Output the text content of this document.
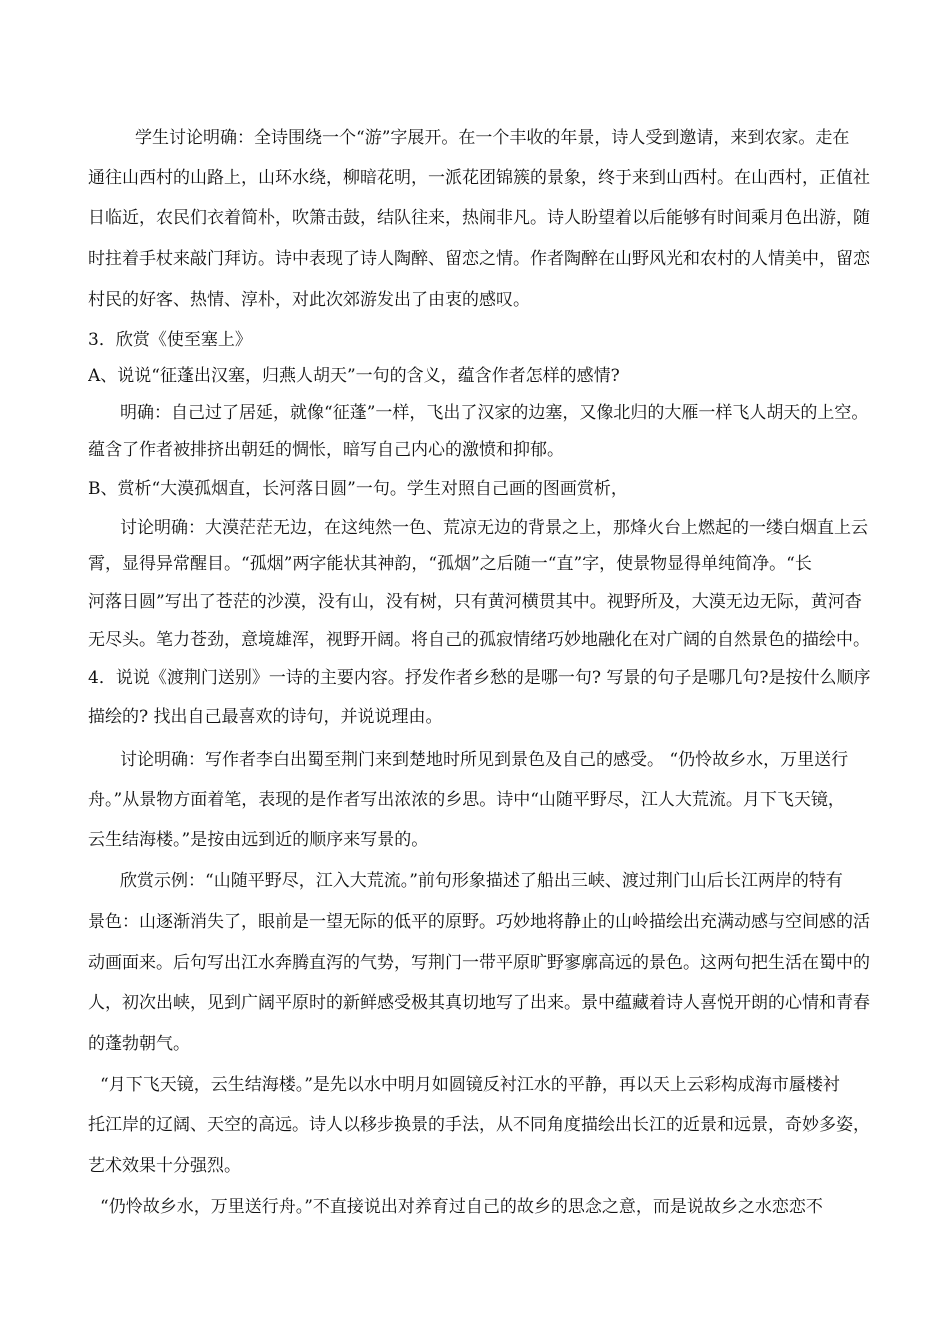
学生讨论明确：全诗围绕一个“游”字展开。在一个丰收的年景，诗人受到邀请，来到农家。走在
通往山西村的山路上，山环水绕，柳暗花明，一派花团锦簇的景象，终于来到山西村。在山西村，正值社
日临近，农民们衣着简朴，吹箫击鼓，结队往来，热闹非凡。诗人盼望着以后能够有时间乘月色出游，随
时拄着手杖来敲门拜访。诗中表现了诗人陶醉、留恋之情。作者陶醉在山野风光和农村的人情美中，留恋
村民的好客、热情、淳朴，对此次郊游发出了由衷的感叹。
3．欣赏《使至塞上》
A、说说“征蓬出汉塞，归燕人胡天”一句的含义，蕴含作者怎样的感情?
明确：自己过了居延，就像“征蓬”一样，飞出了汉家的边塞，又像北归的大雁一样飞人胡天的上空。
蕴含了作者被排挤出朝廷的惆怅，暗写自己内心的激愤和抑郁。
B、赏析“大漠孤烟直，长河落日圆”一句。学生对照自己画的图画赏析，
讨论明确：大漠茫茫无边，在这纯然一色、荒凉无边的背景之上，那烽火台上燃起的一缕白烟直上云
霄，显得异常醒目。“孤烟”两字能状其神韵，“孤烟”之后随一“直”字，使景物显得单纯简净。“长
河落日圆”写出了苍茫的沙漠，没有山，没有树，只有黄河横贯其中。视野所及，大漠无边无际，黄河杳
无尽头。笔力苍劲，意境雄浑，视野开阔。将自己的孤寂情绪巧妙地融化在对广阔的自然景色的描绘中。
4．说说《渡荆门送别》一诗的主要内容。抒发作者乡愁的是哪一句? 写景的句子是哪几句?是按什么顺序
描绘的? 找出自己最喜欢的诗句，并说说理由。
讨论明确：写作者李白出蜀至荆门来到楚地时所见到景色及自己的感受。 “仍怜故乡水，万里送行
舟。”从景物方面着笔，表现的是作者写出浓浓的乡思。诗中“山随平野尽，江人大荒流。月下飞天镜，
云生结海楼。”是按由远到近的顺序来写景的。
欣赏示例：“山随平野尽，江入大荒流。”前句形象描述了船出三峡、渡过荆门山后长江两岸的特有
景色：山逐渐消失了，眼前是一望无际的低平的原野。巧妙地将静止的山岭描绘出充满动感与空间感的活
动画面来。后句写出江水奔腾直泻的气势，写荆门一带平原旷野寥廓高远的景色。这两句把生活在蜀中的
人，初次出峡，见到广阔平原时的新鲜感受极其真切地写了出来。景中蕴藏着诗人喜悦开朗的心情和青春
的蓬勃朝气。
“月下飞天镜，云生结海楼。”是先以水中明月如圆镜反衬江水的平静，再以天上云彩构成海市蜃楼衬
托江岸的辽阔、天空的高远。诗人以移步换景的手法，从不同角度描绘出长江的近景和远景，奇妙多姿，
艺术效果十分强烈。
“仍怜故乡水，万里送行舟。”不直接说出对养育过自己的故乡的思念之意，而是说故乡之水恋恋不
